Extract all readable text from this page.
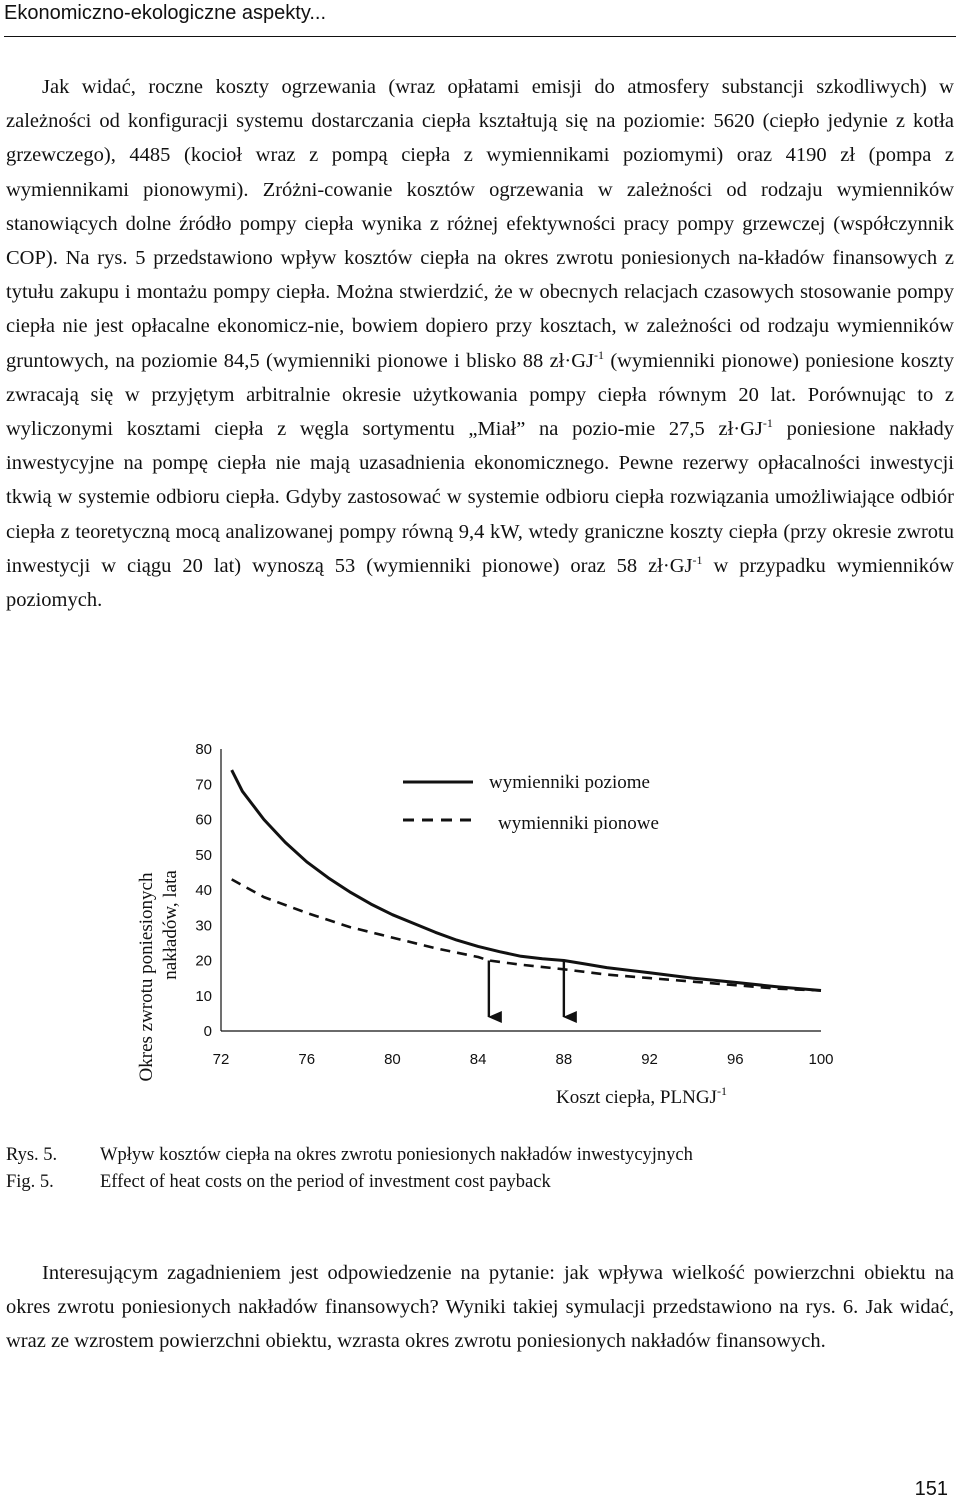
Ekonomiczno-ekologiczne aspekty...
Jak widać, roczne koszty ogrzewania (wraz opłatami emisji do atmosfery substancji szkodliwych) w zależności od konfiguracji systemu dostarczania ciepła kształtują się na poziomie: 5620 (ciepło jedynie z kotła grzewczego), 4485 (kocioł wraz z pompą ciepła z wymiennikami poziomymi) oraz 4190 zł (pompa z wymiennikami pionowymi). Zróżni-cowanie kosztów ogrzewania w zależności od rodzaju wymienników stanowiących dolne źródło pompy ciepła wynika z różnej efektywności pracy pompy grzewczej (współczynnik COP). Na rys. 5 przedstawiono wpływ kosztów ciepła na okres zwrotu poniesionych na-kładów finansowych z tytułu zakupu i montażu pompy ciepła. Można stwierdzić, że w obecnych relacjach czasowych stosowanie pompy ciepła nie jest opłacalne ekonomicz-nie, bowiem dopiero przy kosztach, w zależności od rodzaju wymienników gruntowych, na poziomie 84,5 (wymienniki pionowe i blisko 88 $zł\cdot GJ^{-1}$ (wymienniki pionowe) poniesione koszty zwracają się w przyjętym arbitralnie okresie użytkowania pompy ciepła równym 20 lat. Porównując to z wyliczonymi kosztami ciepła z węgla sortymentu „Miał” na pozio-mie 27,5 $zł\cdot GJ^{-1}$ poniesione nakłady inwestycyjne na pompę ciepła nie mają uzasadnienia ekonomicznego. Pewne rezerwy opłacalności inwestycji tkwią w systemie odbioru ciepła. Gdyby zastosować w systemie odbioru ciepła rozwiązania umożliwiające odbiór ciepła z teoretyczną mocą analizowanej pompy równą 9,4 kW, wtedy graniczne koszty ciepła (przy okresie zwrotu inwestycji w ciągu 20 lat) wynoszą 53 (wymienniki pionowe) oraz 58 $zł\cdot GJ^{-1}$ w przypadku wymienników poziomych.
0
10
20
30
40
50
60
70
80
72	76	80	84	88	92	96	100
Okres zwrotu poniesionych nakładów, lata
Koszt ciepła, $PLNGJ^{-1}$
wymienniki poziome
wymienniki pionowe
Rys. 5.	Wpływ kosztów ciepła na okres zwrotu poniesionych nakładów inwestycyjnych
Fig. 5.	Effect of heat costs on the period of investment cost payback
Interesującym zagadnieniem jest odpowiedzenie na pytanie: jak wpływa wielkość powierzchni obiektu na okres zwrotu poniesionych nakładów finansowych? Wyniki takiej symulacji przedstawiono na rys. 6. Jak widać, wraz ze wzrostem powierzchni obiektu, wzrasta okres zwrotu poniesionych nakładów finansowych.
151
